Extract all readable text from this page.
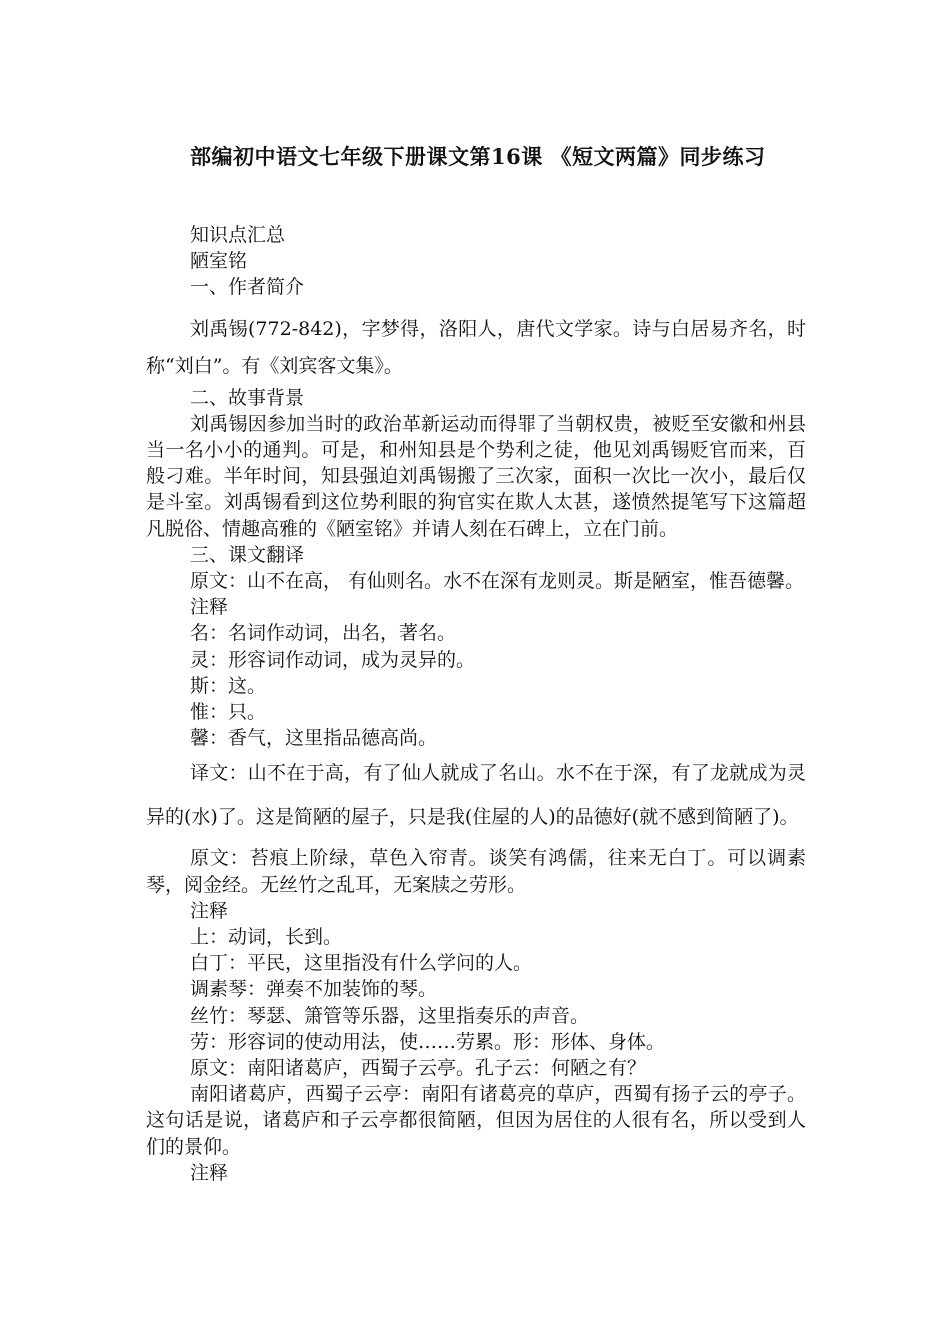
部编初中语文七年级下册课文第16课 《短文两篇》同步练习

知识点汇总

陋室铭

一、作者简介

刘禹锡(772-842)，字梦得，洛阳人，唐代文学家。诗与白居易齐名，时称“刘白”。有《刘宾客文集》。

二、故事背景

刘禹锡因参加当时的政治革新运动而得罪了当朝权贵，被贬至安徽和州县当一名小小的通判。可是，和州知县是个势利之徒，他见刘禹锡贬官而来，百般刁难。半年时间，知县强迫刘禹锡搬了三次家，面积一次比一次小，最后仅是斗室。刘禹锡看到这位势利眼的狗官实在欺人太甚，遂愤然提笔写下这篇超凡脱俗、情趣高雅的《陋室铭》并请人刻在石碑上，立在门前。

三、课文翻译

原文：山不在高， 有仙则名。水不在深有龙则灵。斯是陋室，惟吾德馨。

注释

名：名词作动词，出名，著名。

灵：形容词作动词，成为灵异的。

斯：这。

惟：只。

馨：香气，这里指品德高尚。

译文：山不在于高，有了仙人就成了名山。水不在于深，有了龙就成为灵异的(水)了。这是简陋的屋子，只是我(住屋的人)的品德好(就不感到简陋了)。

原文：苔痕上阶绿，草色入帘青。谈笑有鸿儒，往来无白丁。可以调素琴，阅金经。无丝竹之乱耳，无案牍之劳形。

注释

上：动词，长到。

白丁：平民，这里指没有什么学问的人。

调素琴：弹奏不加装饰的琴。

丝竹：琴瑟、箫管等乐器，这里指奏乐的声音。

劳：形容词的使动用法，使……劳累。形：形体、身体。

原文：南阳诸葛庐，西蜀子云亭。孔子云：何陋之有？

南阳诸葛庐，西蜀子云亭：南阳有诸葛亮的草庐，西蜀有扬子云的亭子。这句话是说，诸葛庐和子云亭都很简陋，但因为居住的人很有名，所以受到人们的景仰。

注释
